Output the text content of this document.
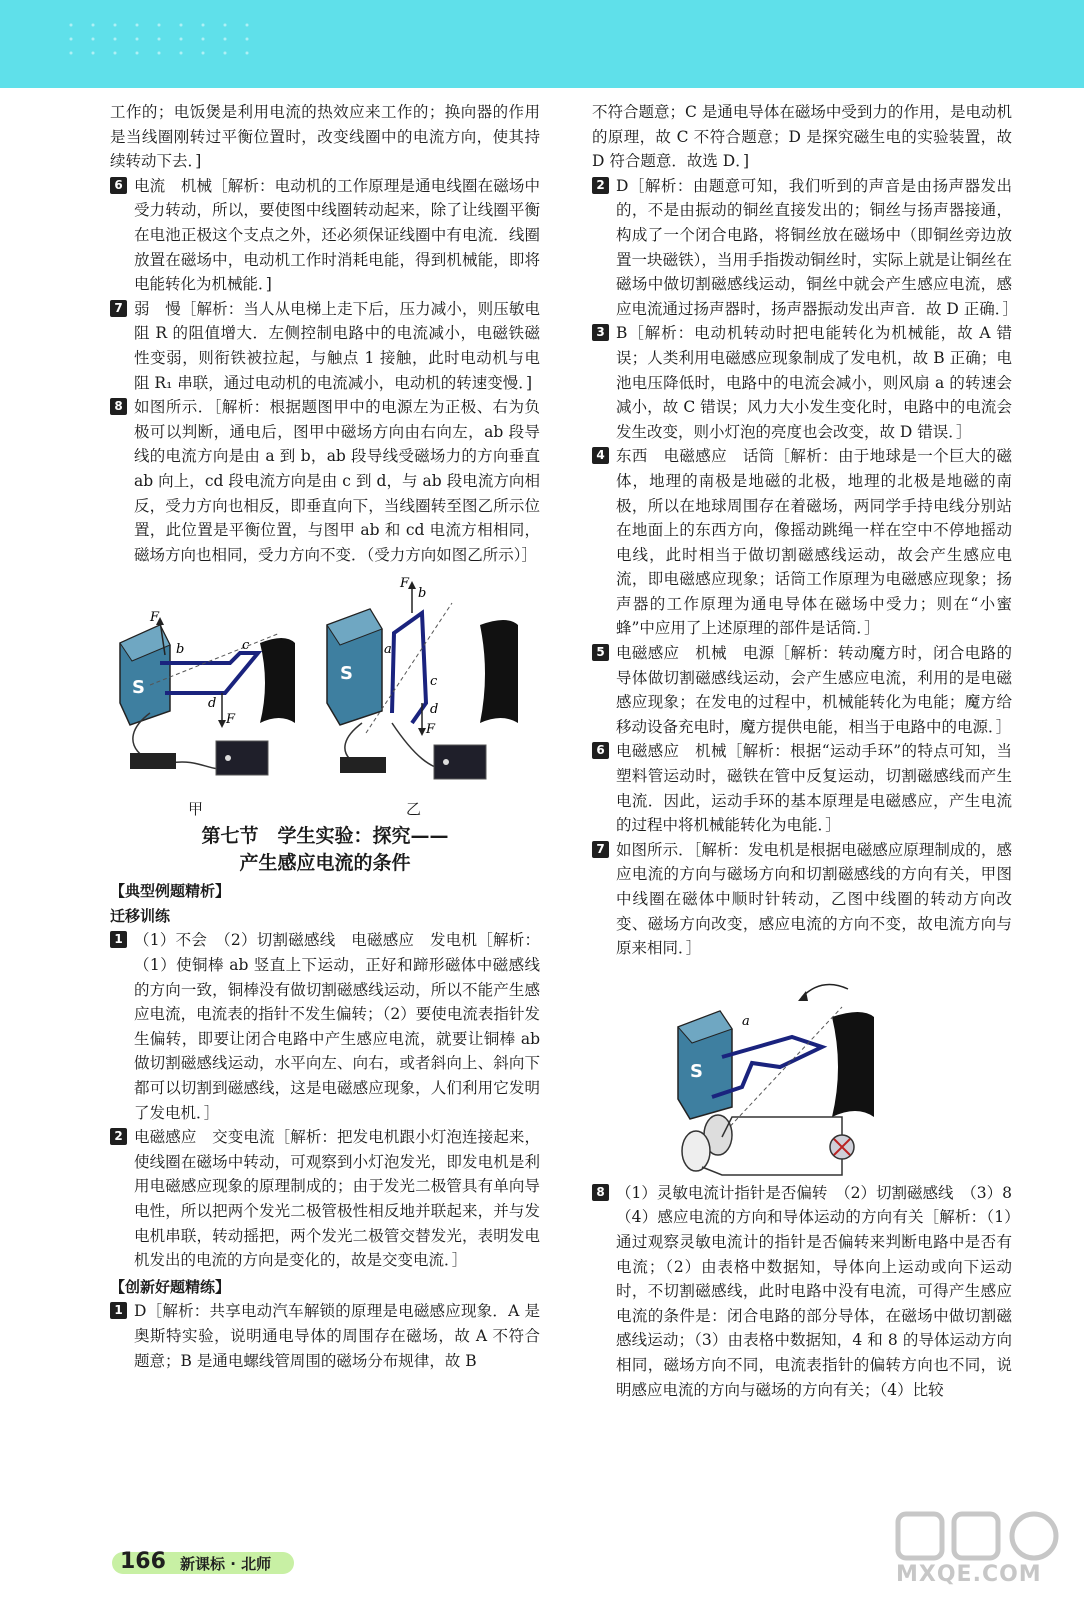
工作的；电饭煲是利用电流的热效应来工作的；换向器的作用是当线圈刚转过平衡位置时，改变线圈中的电流方向，使其持续转动下去．]

6 电流　机械［解析：电动机的工作原理是通电线圈在磁场中受力转动，所以，要使图中线圈转动起来，除了让线圈平衡在电池正极这个支点之外，还必须保证线圈中有电流．线圈放置在磁场中，电动机工作时消耗电能，得到机械能，即将电能转化为机械能．]

7 弱　慢［解析：当人从电梯上走下后，压力减小，则压敏电阻 R 的阻值增大．左侧控制电路中的电流减小，电磁铁磁性变弱，则衔铁被拉起，与触点 1 接触，此时电动机与电阻 R₁ 串联，通过电动机的电流减小，电动机的转速变慢．]

8 如图所示．［解析：根据题图甲中的电源左为正极、右为负极可以判断，通电后，图甲中磁场方向由右向左，ab 段导线的电流方向是由 a 到 b，ab 段导线受磁场力的方向垂直 ab 向上，cd 段电流方向是由 c 到 d，与 ab 段电流方向相反，受力方向也相反，即垂直向下，当线圈转至图乙所示位置，此位置是平衡位置，与图甲 ab 和 cd 电流方相相同，磁场方向也相同，受力方向不变．（受力方向如图乙所示）］

S
F
b	c
d
F
S
F
b
a
c
d
F
甲	乙
第七节　学生实验：探究——
产生感应电流的条件

【典型例题精析】

迁移训练

1 （1）不会　（2）切割磁感线　电磁感应　发电机［解析：（1）使铜棒 ab 竖直上下运动，正好和蹄形磁体中磁感线的方向一致，铜棒没有做切割磁感线运动，所以不能产生感应电流，电流表的指针不发生偏转；（2）要使电流表指针发生偏转，即要让闭合电路中产生感应电流，就要让铜棒 ab 做切割磁感线运动，水平向左、向右，或者斜向上、斜向下都可以切割到磁感线，这是电磁感应现象，人们利用它发明了发电机．］

2 电磁感应　交变电流［解析：把发电机跟小灯泡连接起来，使线圈在磁场中转动，可观察到小灯泡发光，即发电机是利用电磁感应现象的原理制成的；由于发光二极管具有单向导电性，所以把两个发光二极管极性相反地并联起来，并与发电机串联，转动摇把，两个发光二极管交替发光，表明发电机发出的电流的方向是变化的，故是交变电流．］

【创新好题精练】

1 D［解析：共享电动汽车解锁的原理是电磁感应现象．A 是奥斯特实验，说明通电导体的周围存在磁场，故 A 不符合题意；B 是通电螺线管周围的磁场分布规律，故 B

不符合题意；C 是通电导体在磁场中受到力的作用，是电动机的原理，故 C 不符合题意；D 是探究磁生电的实验装置，故 D 符合题意．故选 D．]

2 D［解析：由题意可知，我们听到的声音是由扬声器发出的，不是由振动的铜丝直接发出的；铜丝与扬声器接通，构成了一个闭合电路，将铜丝放在磁场中（即铜丝旁边放置一块磁铁），当用手指拨动铜丝时，实际上就是让铜丝在磁场中做切割磁感线运动，铜丝中就会产生感应电流，感应电流通过扬声器时，扬声器振动发出声音．故 D 正确．］

3 B［解析：电动机转动时把电能转化为机械能，故 A 错误；人类利用电磁感应现象制成了发电机，故 B 正确；电池电压降低时，电路中的电流会减小，则风扇 a 的转速会减小，故 C 错误；风力大小发生变化时，电路中的电流会发生改变，则小灯泡的亮度也会改变，故 D 错误．］

4 东西　电磁感应　话筒［解析：由于地球是一个巨大的磁体，地理的南极是地磁的北极，地理的北极是地磁的南极，所以在地球周围存在着磁场，两同学手持电线分别站在地面上的东西方向，像摇动跳绳一样在空中不停地摇动电线，此时相当于做切割磁感线运动，故会产生感应电流，即电磁感应现象；话筒工作原理为电磁感应现象；扬声器的工作原理为通电导体在磁场中受力；则在“小蜜蜂”中应用了上述原理的部件是话筒．］

5 电磁感应　机械　电源［解析：转动魔方时，闭合电路的导体做切割磁感线运动，会产生感应电流，利用的是电磁感应现象；在发电的过程中，机械能转化为电能；魔方给移动设备充电时，魔方提供电能，相当于电路中的电源．］

6 电磁感应　机械［解析：根据“运动手环”的特点可知，当塑料管运动时，磁铁在管中反复运动，切割磁感线而产生电流．因此，运动手环的基本原理是电磁感应，产生电流的过程中将机械能转化为电能．］

7 如图所示．［解析：发电机是根据电磁感应原理制成的，感应电流的方向与磁场方向和切割磁感线的方向有关，甲图中线圈在磁体中顺时针转动，乙图中线圈的转动方向改变、磁场方向改变，感应电流的方向不变，故电流方向与原来相同．］

S
a

8 （1）灵敏电流计指针是否偏转　（2）切割磁感线　（3）8　（4）感应电流的方向和导体运动的方向有关［解析：（1）通过观察灵敏电流计的指针是否偏转来判断电路中是否有电流；（2）由表格中数据知，导体向上运动或向下运动时，不切割磁感线，此时电路中没有电流，可得产生感应电流的条件是：闭合电路的部分导体，在磁场中做切割磁感线运动；（3）由表格中数据知，4 和 8 的导体运动方向相同，磁场方向不同，电流表指针的偏转方向也不同，说明感应电流的方向与磁场的方向有关；（4）比较

166 新课标 · 北师	MXQE.COM
